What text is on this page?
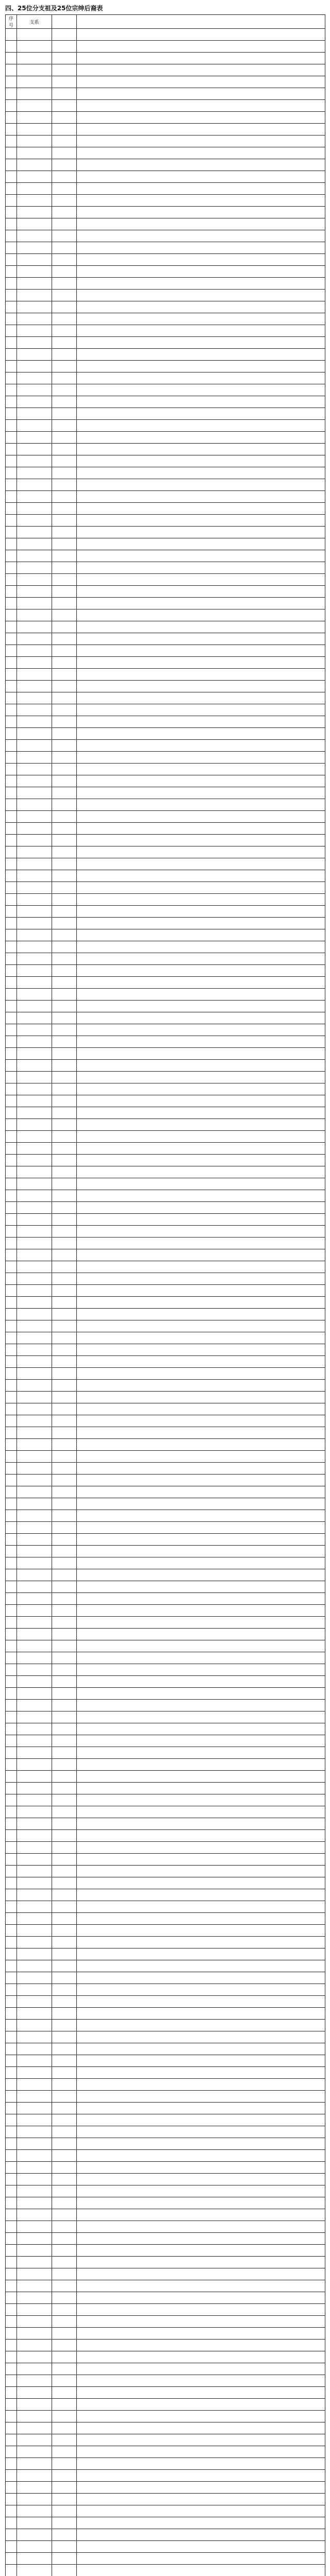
四、25位分支祖及25位宗绅后裔表
序号	支系		
